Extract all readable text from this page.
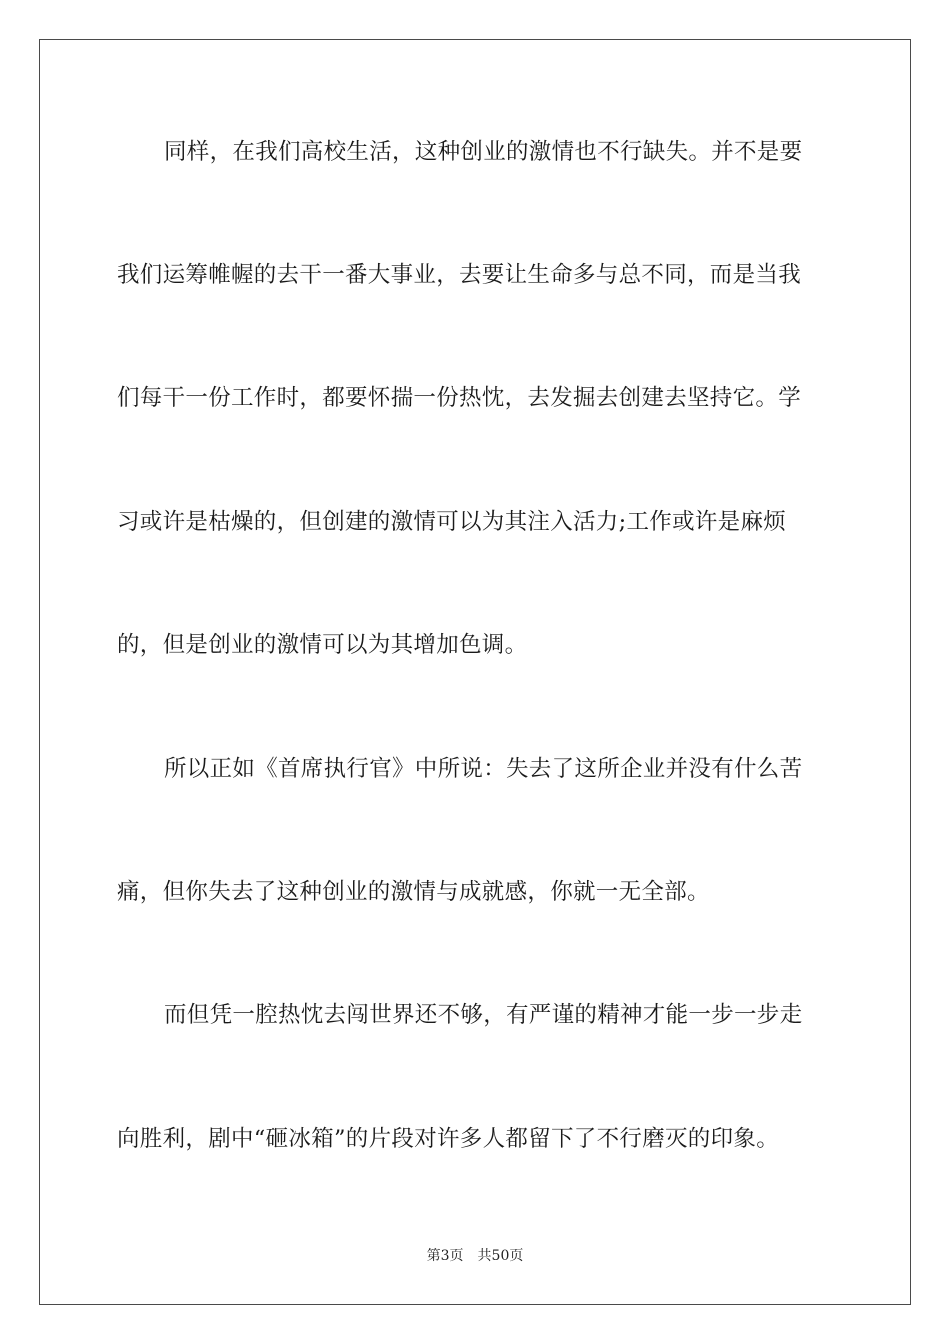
同样，在我们高校生活，这种创业的激情也不行缺失。并不是要
我们运筹帷幄的去干一番大事业，去要让生命多与总不同，而是当我
们每干一份工作时，都要怀揣一份热忱，去发掘去创建去坚持它。学
习或许是枯燥的，但创建的激情可以为其注入活力;工作或许是麻烦
的，但是创业的激情可以为其增加色调。
所以正如《首席执行官》中所说：失去了这所企业并没有什么苦
痛，但你失去了这种创业的激情与成就感，你就一无全部。
而但凭一腔热忱去闯世界还不够，有严谨的精神才能一步一步走
向胜利，剧中“砸冰箱”的片段对许多人都留下了不行磨灭的印象。
第3页 共50页
